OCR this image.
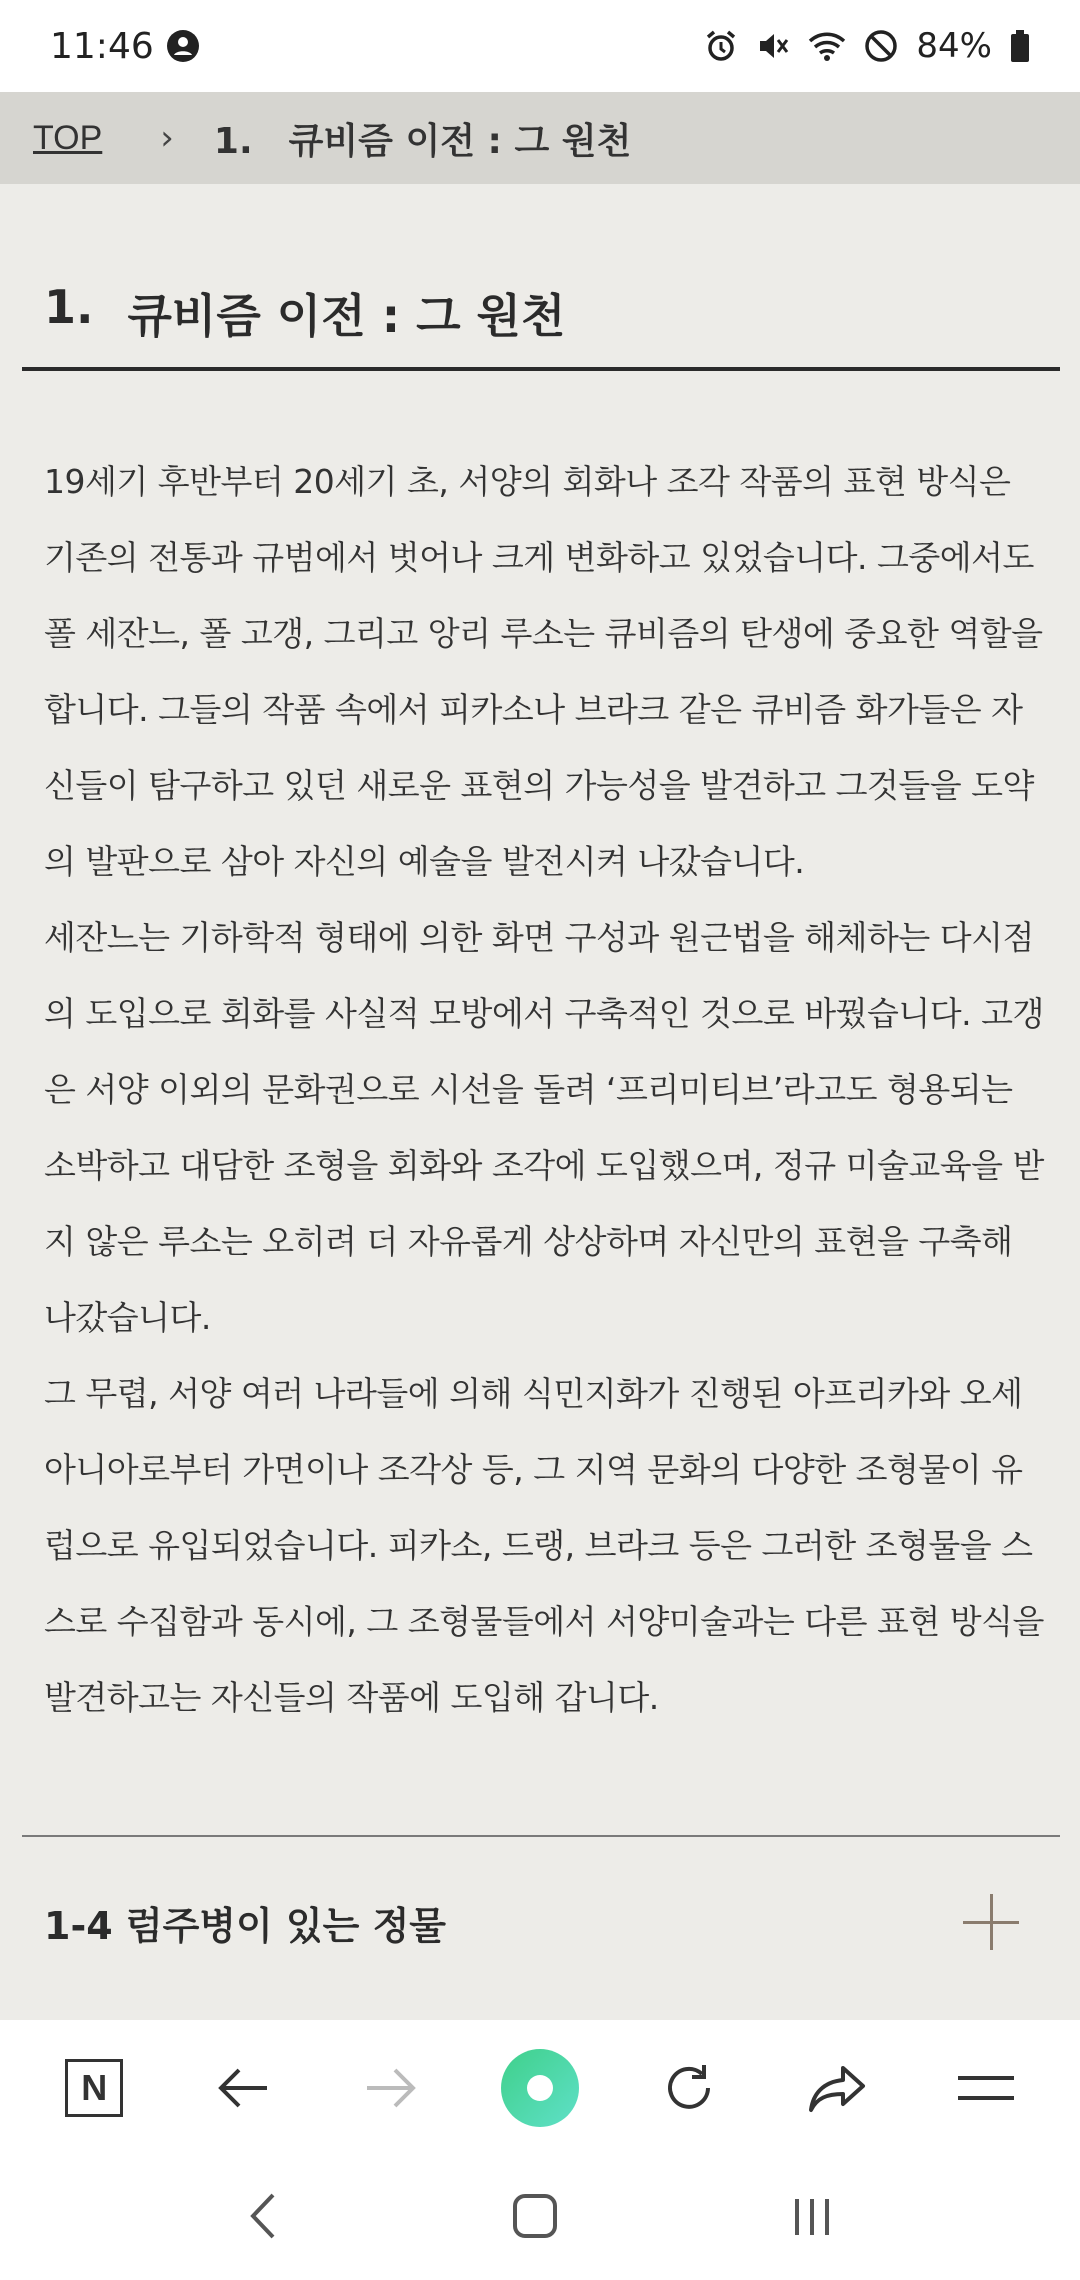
11:46	84%
TOP › 1.　큐비즘 이전 : 그 원천
1. 큐비즘 이전 : 그 원천

19세기 후반부터 20세기 초, 서양의 회화나 조각 작품의 표현 방식은 기존의 전통과 규범에서 벗어나 크게 변화하고 있었습니다. 그중에서도 폴 세잔느, 폴 고갱, 그리고 앙리 루소는 큐비즘의 탄생에 중요한 역할을 합니다. 그들의 작품 속에서 피카소나 브라크 같은 큐비즘 화가들은 자신들이 탐구하고 있던 새로운 표현의 가능성을 발견하고 그것들을 도약의 발판으로 삼아 자신의 예술을 발전시켜 나갔습니다.

세잔느는 기하학적 형태에 의한 화면 구성과 원근법을 해체하는 다시점의 도입으로 회화를 사실적 모방에서 구축적인 것으로 바꿨습니다. 고갱은 서양 이외의 문화권으로 시선을 돌려 ‘프리미티브’라고도 형용되는 소박하고 대담한 조형을 회화와 조각에 도입했으며, 정규 미술교육을 받지 않은 루소는 오히려 더 자유롭게 상상하며 자신만의 표현을 구축해 나갔습니다.

그 무렵, 서양 여러 나라들에 의해 식민지화가 진행된 아프리카와 오세아니아로부터 가면이나 조각상 등, 그 지역 문화의 다양한 조형물이 유럽으로 유입되었습니다. 피카소, 드랭, 브라크 등은 그러한 조형물을 스스로 수집함과 동시에, 그 조형물들에서 서양미술과는 다른 표현 방식을 발견하고는 자신들의 작품에 도입해 갑니다.

1-4 럼주병이 있는 정물
N
